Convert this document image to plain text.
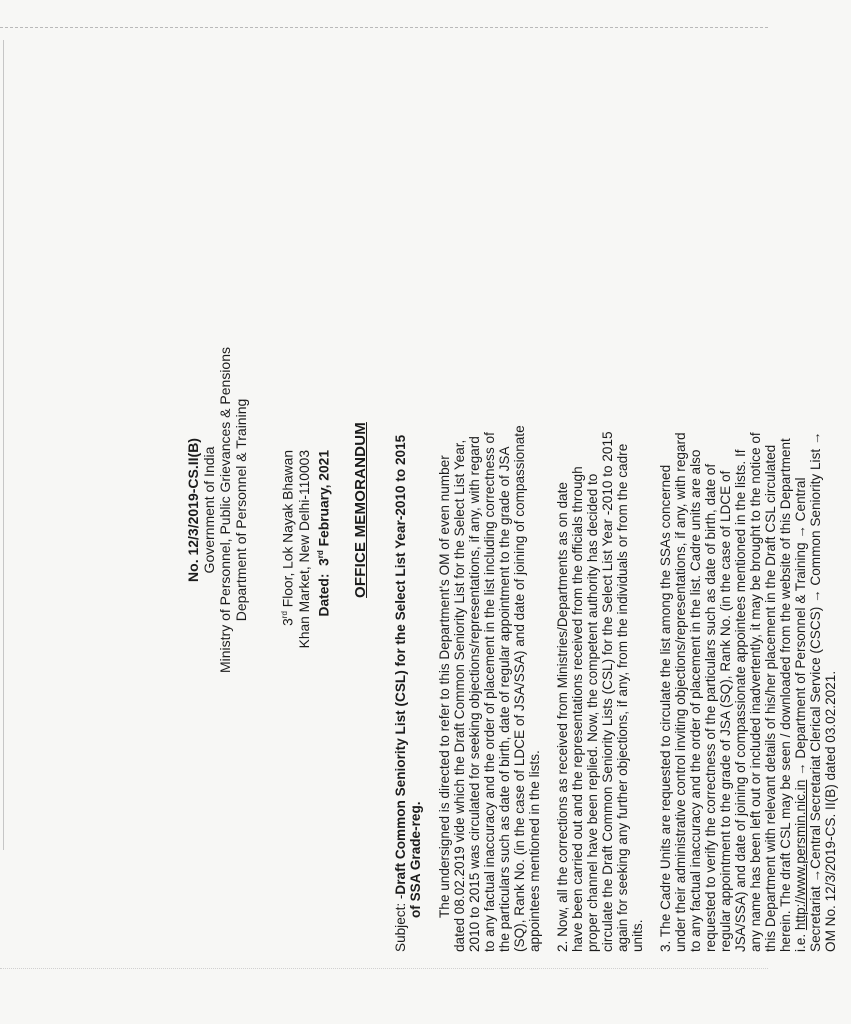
No. 12/3/2019-CS.II(B) Government of India Ministry of Personnel, Public Grievances & Pensions Department of Personnel & Training
3rd Floor, Lok Nayak Bhawan Khan Market, New Delhi-110003 Dated:  3rd February, 2021 OFFICE MEMORANDUM
Subject: -Draft Common Seniority List (CSL) for the Select List Year-2010 to 2015 of SSA Grade-reg. The undersigned is directed to refer to this Department's OM of even number dated 08.02.2019 vide which the Draft Common Seniority List for the Select List Year, 2010 to 2015 was circulated for seeking objections/representations, if any, with regard to any factual inaccuracy and the order of placement in the list including correctness of the particulars such as date of birth, date of regular appointment to the grade of JSA (SQ), Rank No. (in the case of LDCE of JSA/SSA) and date of joining of compassionate appointees mentioned in the lists. 2. Now, all the corrections as received from Ministries/Departments as on date have been carried out and the representations received from the officials through proper channel have been replied. Now, the competent authority has decided to circulate the Draft Common Seniority Lists (CSL) for the Select List Year -2010 to 2015 again for seeking any further objections, if any, from the individuals or from the cadre units. 3. The Cadre Units are requested to circulate the list among the SSAs concerned under their administrative control inviting objections/representations, if any, with regard to any factual inaccuracy and the order of placement in the list. Cadre units are also requested to verify the correctness of the particulars such as date of birth, date of regular appointment to the grade of JSA (SQ), Rank No. (in the case of LDCE of JSA/SSA) and date of joining of compassionate appointees mentioned in the lists. If any name has been left out or included inadvertently, it may be brought to the notice of this Department with relevant details of his/her placement in the Draft CSL circulated herein. The draft CSL may be seen / downloaded from the website of this Department i.e. http://www.persmin.nic.in → Department of Personnel & Training → Central
Secretariat →Central Secretariat Clerical Service (CSCS) → Common Seniority List →
OM No. 12/3/2019-CS. II(B) dated 03.02.2021.
